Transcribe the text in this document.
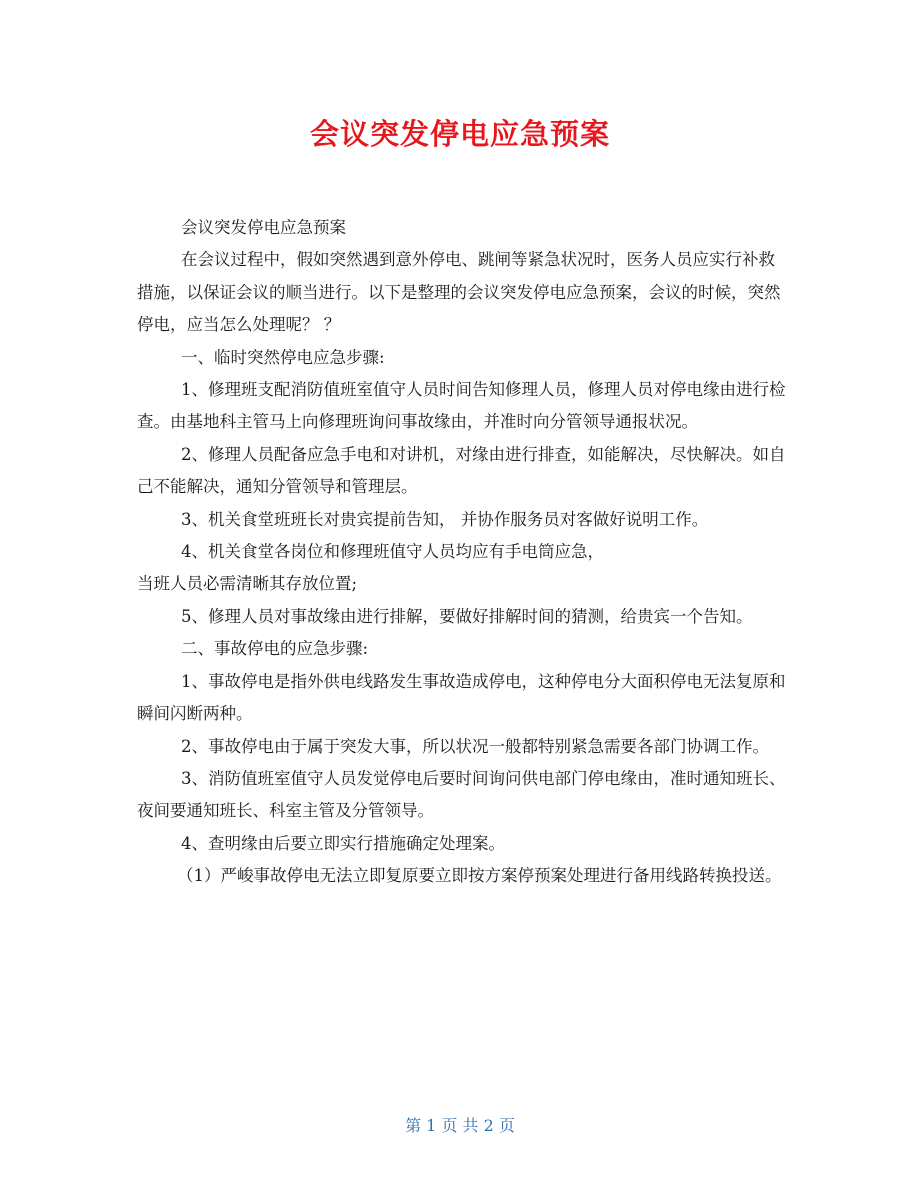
会议突发停电应急预案

会议突发停电应急预案

在会议过程中，假如突然遇到意外停电、跳闸等紧急状况时，医务人员应实行补救措施，以保证会议的顺当进行。以下是整理的会议突发停电应急预案，会议的时候，突然停电，应当怎么处理呢？ ？

一、临时突然停电应急步骤:

1、修理班支配消防值班室值守人员时间告知修理人员，修理人员对停电缘由进行检查。由基地科主管马上向修理班询问事故缘由，并准时向分管领导通报状况。

2、修理人员配备应急手电和对讲机，对缘由进行排查，如能解决，尽快解决。如自己不能解决，通知分管领导和管理层。

3、机关食堂班班长对贵宾提前告知， 并协作服务员对客做好说明工作。

4、机关食堂各岗位和修理班值守人员均应有手电筒应急，

当班人员必需清晰其存放位置;

5、修理人员对事故缘由进行排解，要做好排解时间的猜测，给贵宾一个告知。

二、事故停电的应急步骤:

1、事故停电是指外供电线路发生事故造成停电，这种停电分大面积停电无法复原和瞬间闪断两种。

2、事故停电由于属于突发大事，所以状况一般都特别紧急需要各部门协调工作。

3、消防值班室值守人员发觉停电后要时间询问供电部门停电缘由，准时通知班长、夜间要通知班长、科室主管及分管领导。

4、查明缘由后要立即实行措施确定处理案。

（1）严峻事故停电无法立即复原要立即按方案停预案处理进行备用线路转换投送。

第 1 页 共 2 页
